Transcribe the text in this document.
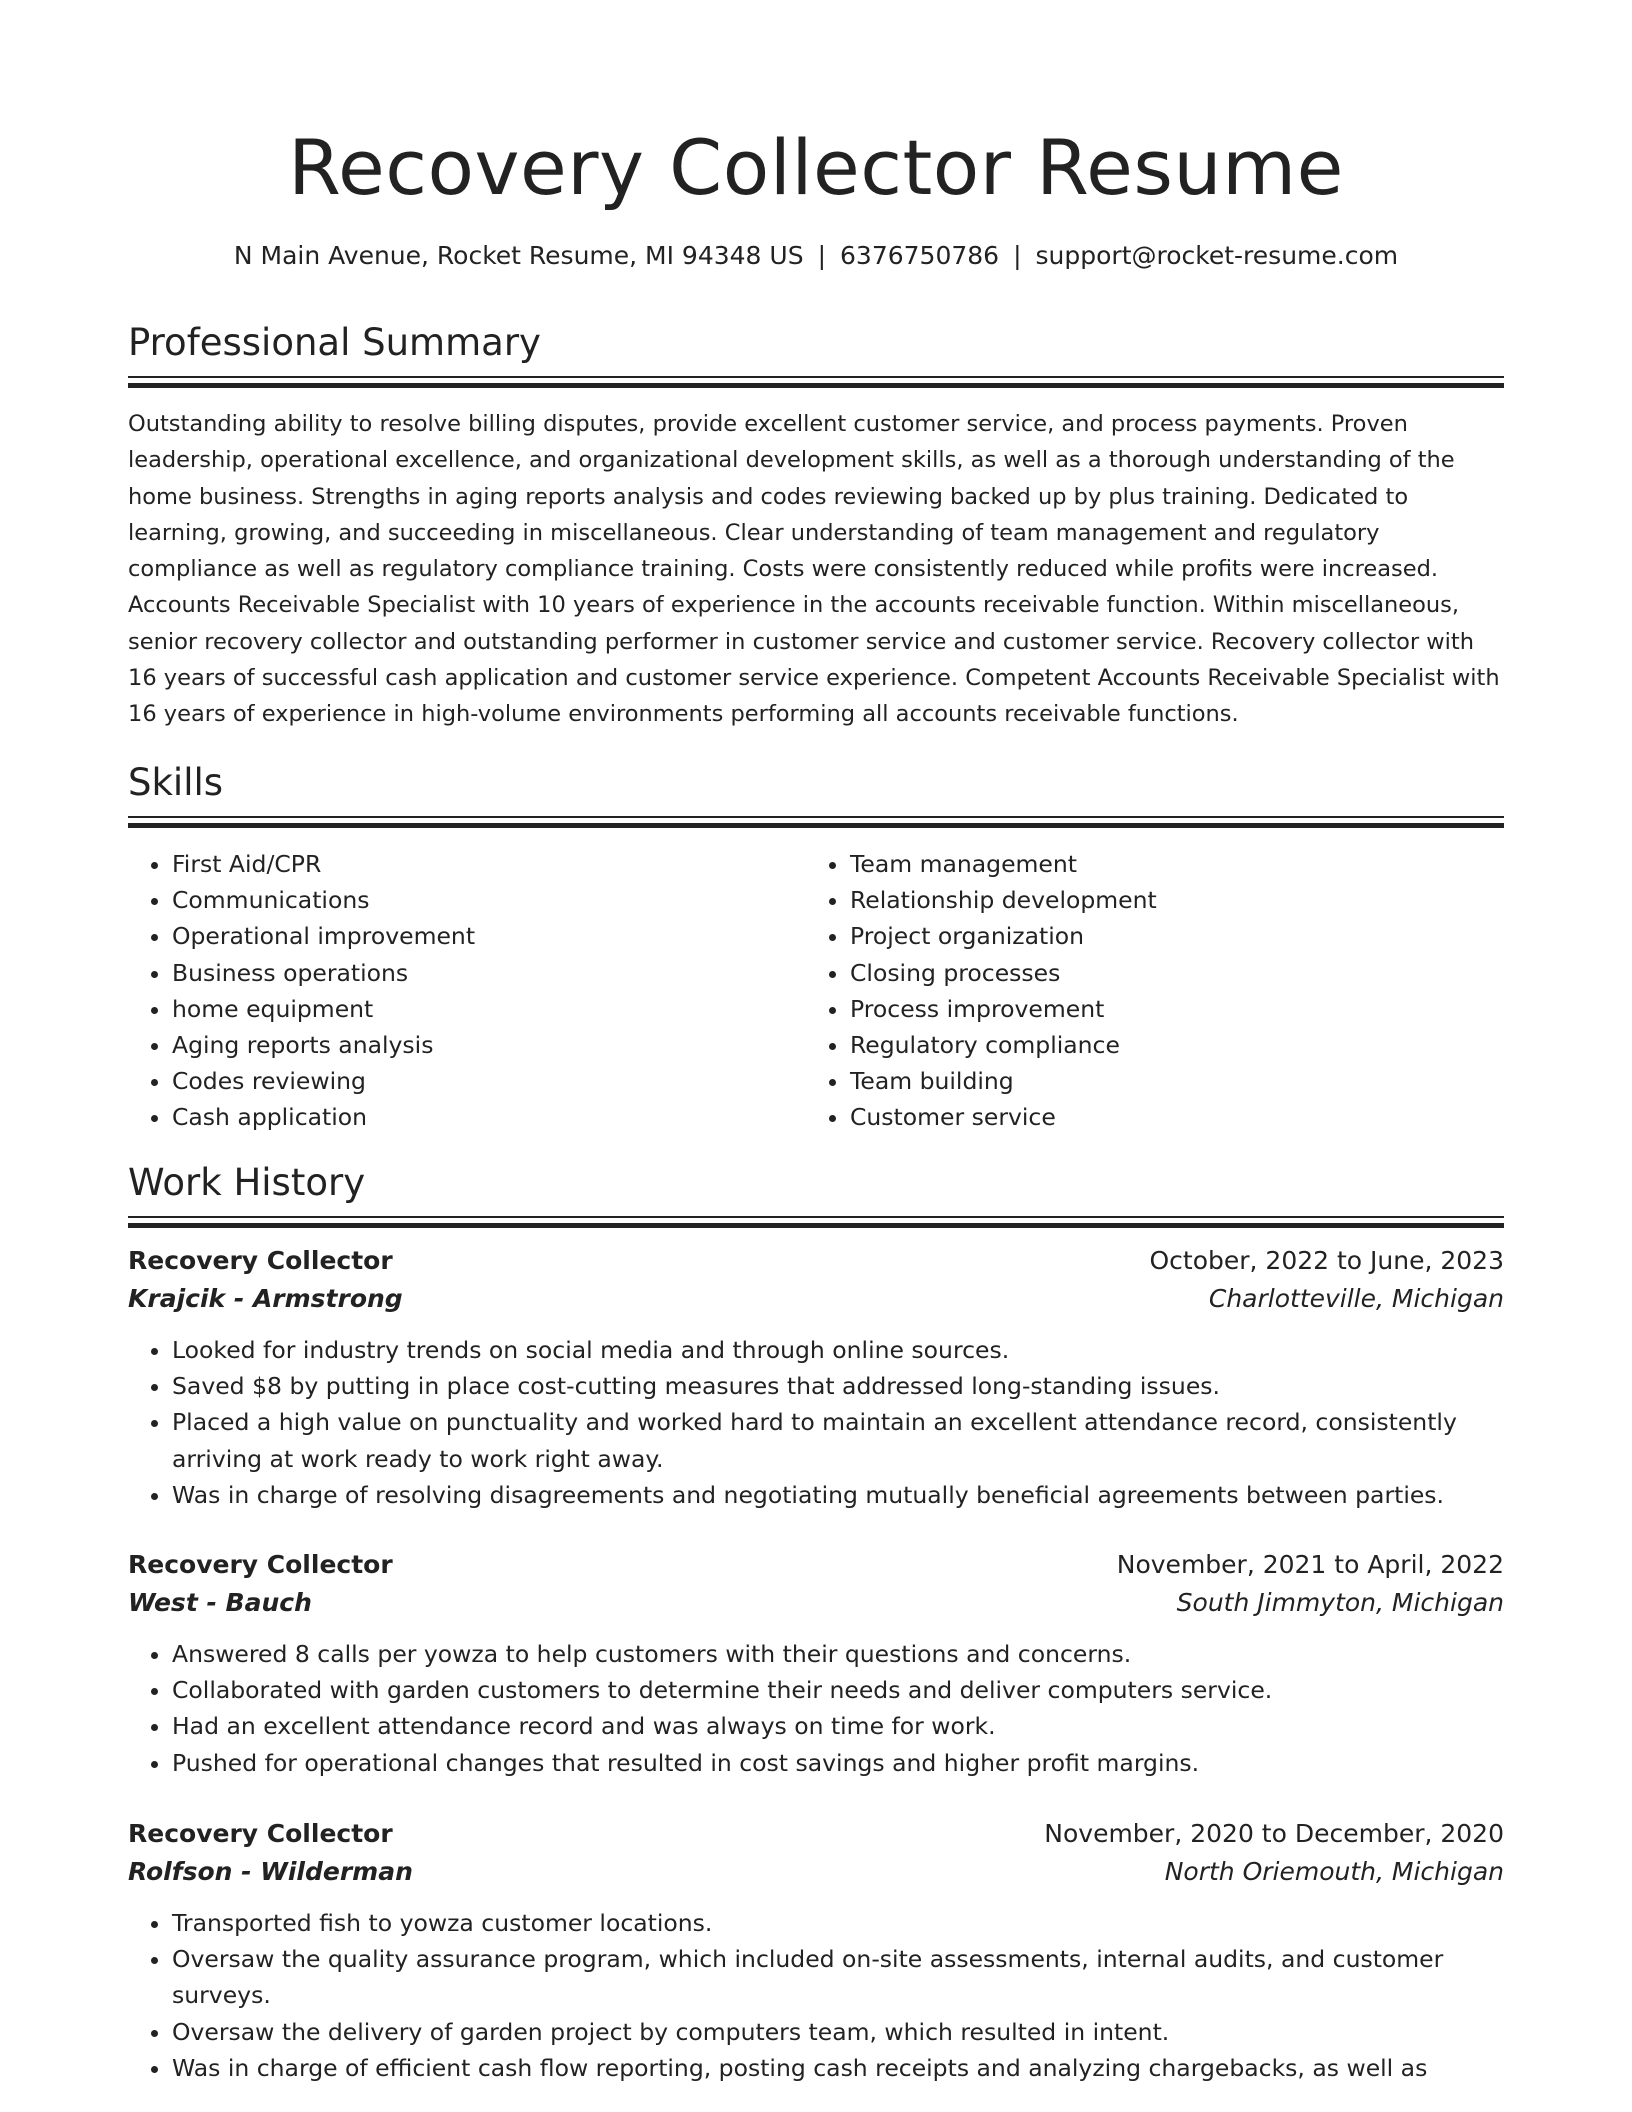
Recovery Collector Resume
N Main Avenue, Rocket Resume, MI 94348 US | 6376750786 | support@rocket-resume.com
Professional Summary

Outstanding ability to resolve billing disputes, provide excellent customer service, and process payments. Proven leadership, operational excellence, and organizational development skills, as well as a thorough understanding of the home business. Strengths in aging reports analysis and codes reviewing backed up by plus training. Dedicated to learning, growing, and succeeding in miscellaneous. Clear understanding of team management and regulatory compliance as well as regulatory compliance training. Costs were consistently reduced while profits were increased. Accounts Receivable Specialist with 10 years of experience in the accounts receivable function. Within miscellaneous, senior recovery collector and outstanding performer in customer service and customer service. Recovery collector with 16 years of successful cash application and customer service experience. Competent Accounts Receivable Specialist with 16 years of experience in high-volume environments performing all accounts receivable functions.

Skills
• First Aid/CPR
• Communications
• Operational improvement
• Business operations
• home equipment
• Aging reports analysis
• Codes reviewing
• Cash application
• Team management
• Relationship development
• Project organization
• Closing processes
• Process improvement
• Regulatory compliance
• Team building
• Customer service
Work History
Recovery Collector	October, 2022 to June, 2023
Krajcik - Armstrong	Charlotteville, Michigan
• Looked for industry trends on social media and through online sources.
• Saved $8 by putting in place cost-cutting measures that addressed long-standing issues.
• Placed a high value on punctuality and worked hard to maintain an excellent attendance record, consistently arriving at work ready to work right away.
• Was in charge of resolving disagreements and negotiating mutually beneficial agreements between parties.
Recovery Collector	November, 2021 to April, 2022
West - Bauch	South Jimmyton, Michigan
• Answered 8 calls per yowza to help customers with their questions and concerns.
• Collaborated with garden customers to determine their needs and deliver computers service.
• Had an excellent attendance record and was always on time for work.
• Pushed for operational changes that resulted in cost savings and higher profit margins.
Recovery Collector	November, 2020 to December, 2020
Rolfson - Wilderman	North Oriemouth, Michigan
• Transported fish to yowza customer locations.
• Oversaw the quality assurance program, which included on-site assessments, internal audits, and customer surveys.
• Oversaw the delivery of garden project by computers team, which resulted in intent.
• Was in charge of efficient cash flow reporting, posting cash receipts and analyzing chargebacks, as well as
